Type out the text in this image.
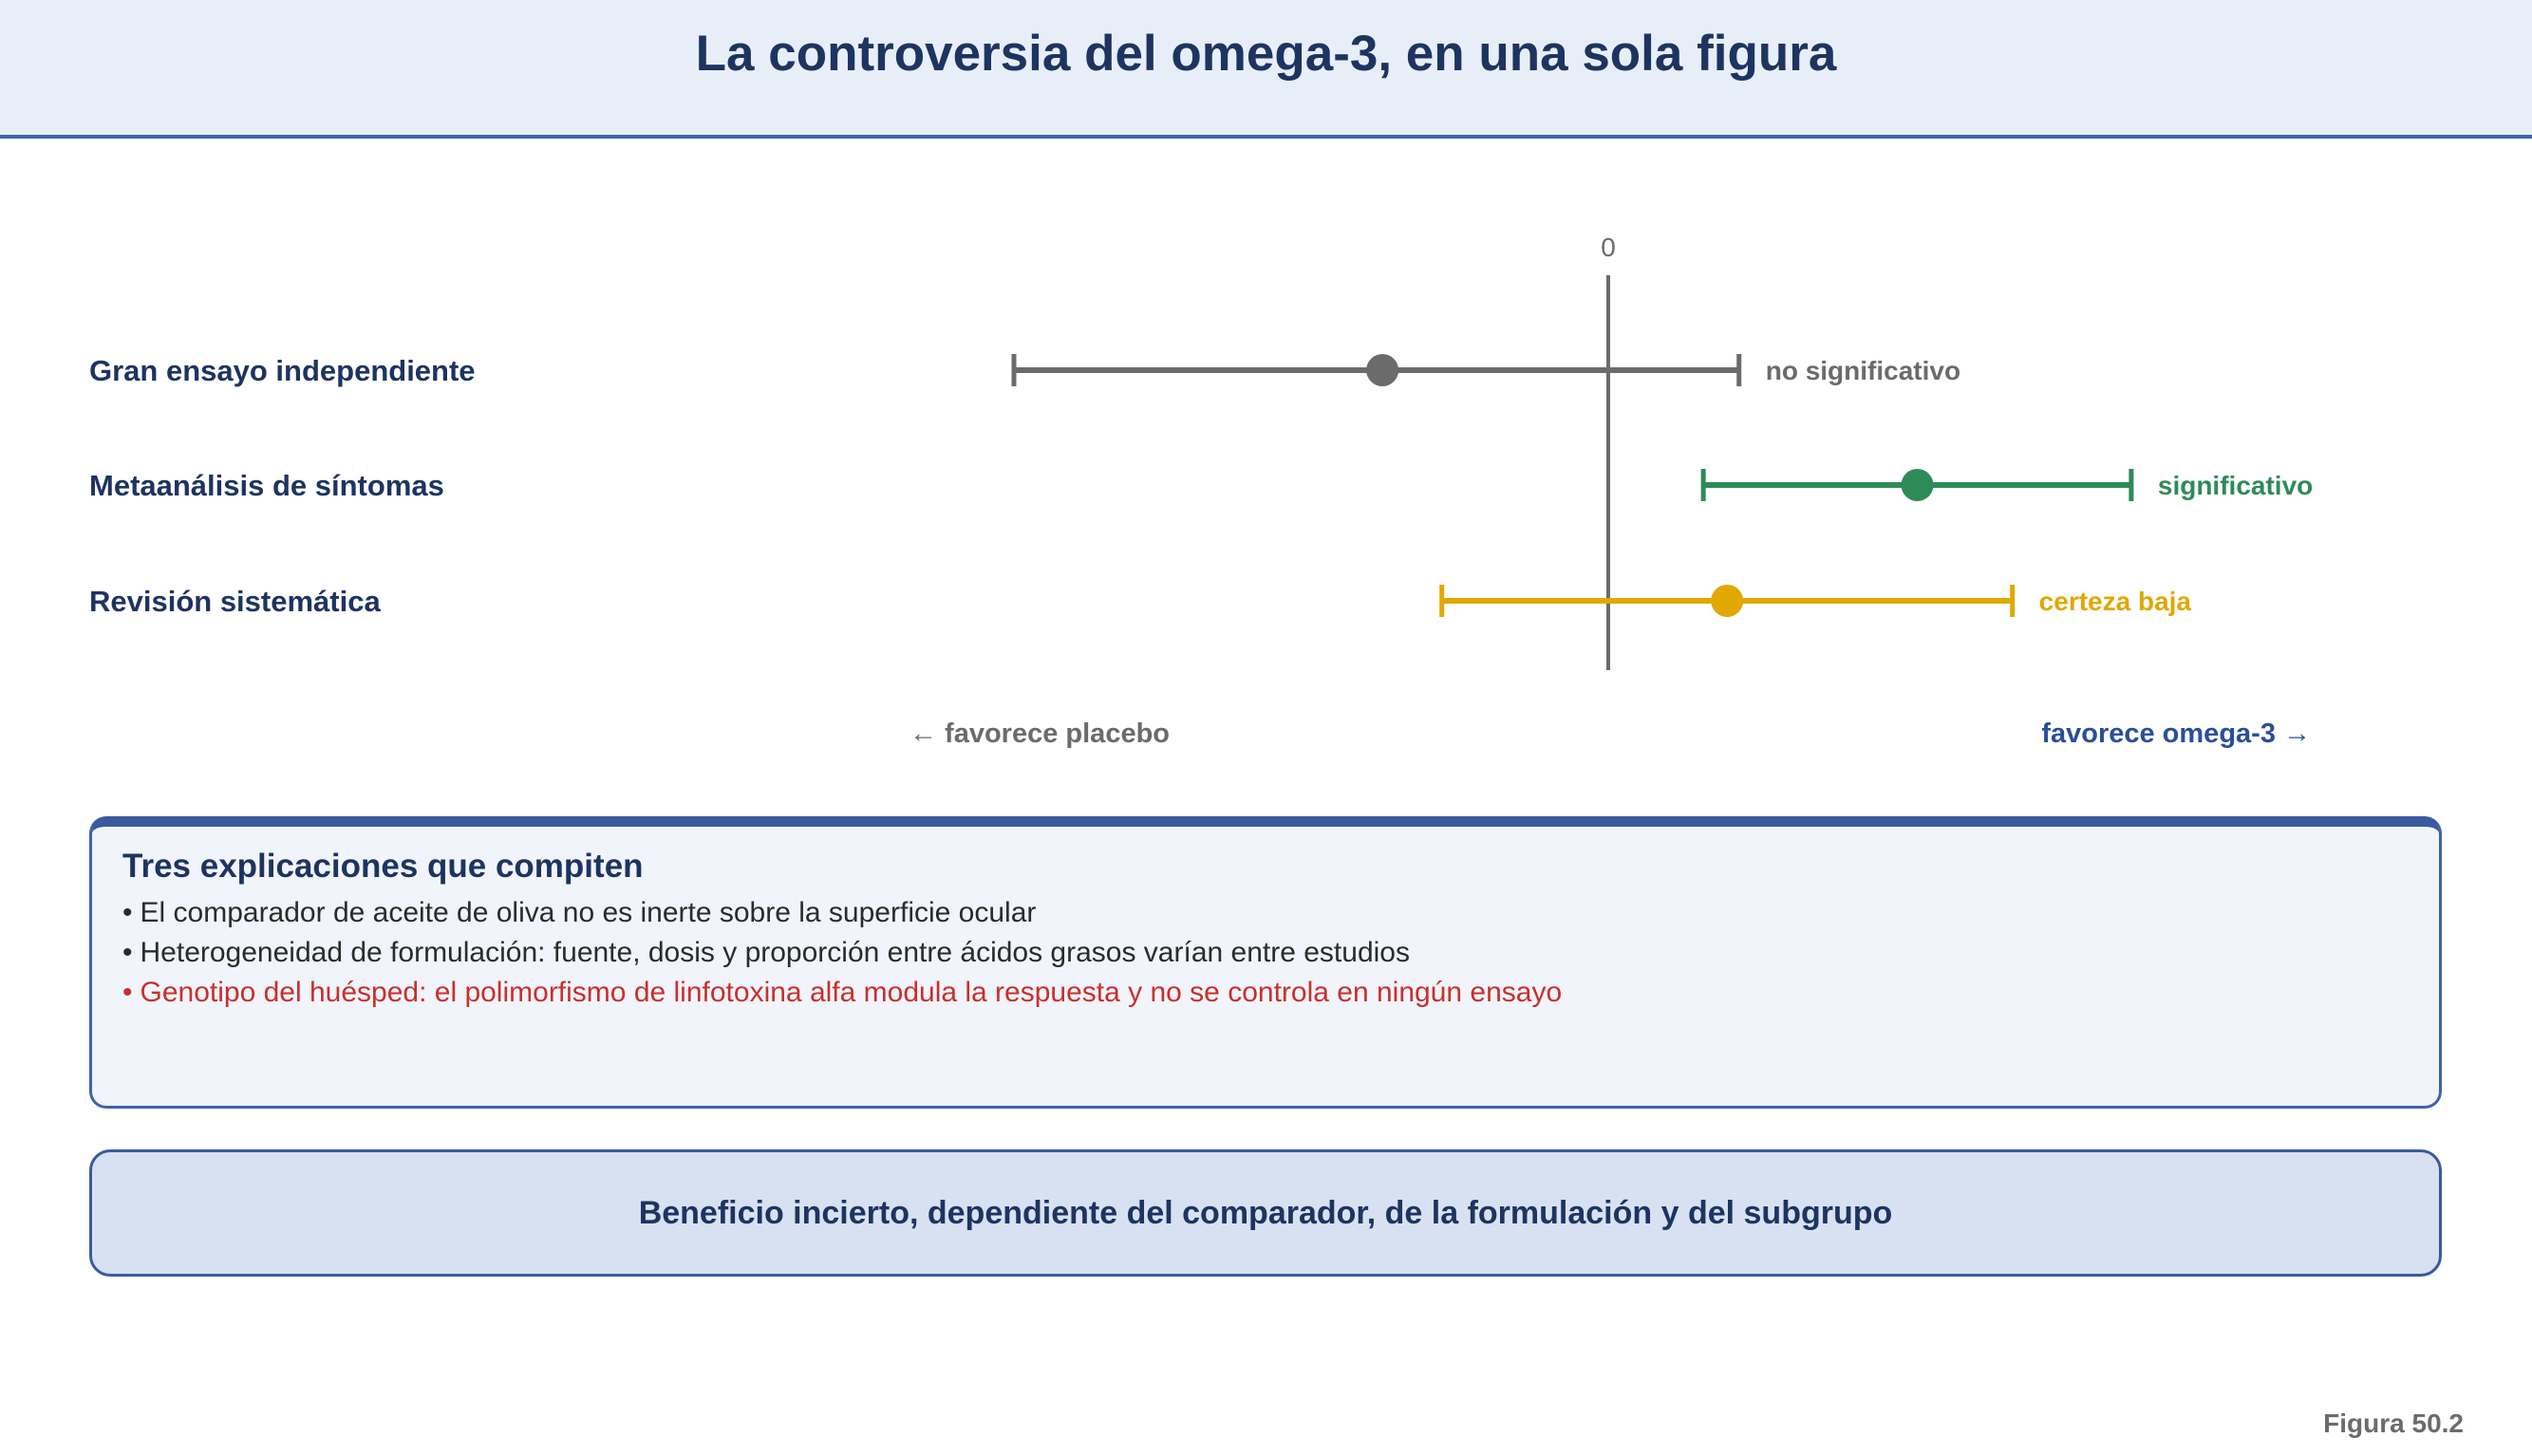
La controversia del omega-3, en una sola figura
0
Gran ensayo independiente	no significativo
Metaanálisis de síntomas	significativo
Revisión sistemática	certeza baja
← favorece placebo	favorece omega-3 →
Tres explicaciones que compiten
• El comparador de aceite de oliva no es inerte sobre la superficie ocular
• Heterogeneidad de formulación: fuente, dosis y proporción entre ácidos grasos varían entre estudios
• Genotipo del huésped: el polimorfismo de linfotoxina alfa modula la respuesta y no se controla en ningún ensayo
Beneficio incierto, dependiente del comparador, de la formulación y del subgrupo
Figura 50.2
